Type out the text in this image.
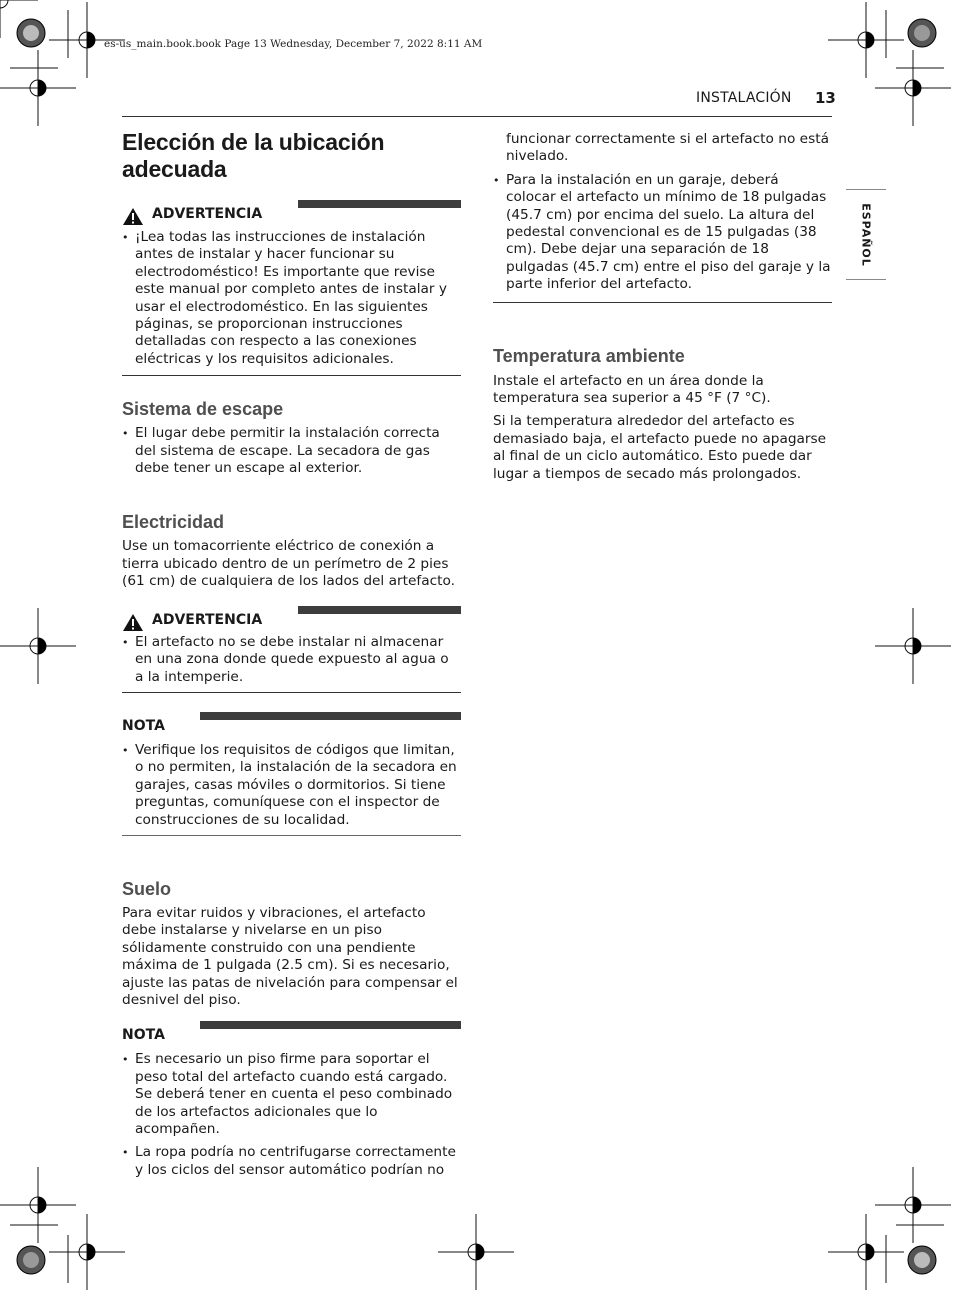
es-us_main.book.book Page 13 Wednesday, December 7, 2022 8:11 AM
INSTALACIÓN 13
ESPAÑOL
Elección de la ubicación adecuada
ADVERTENCIA
• ¡Lea todas las instrucciones de instalación antes de instalar y hacer funcionar su electrodoméstico! Es importante que revise este manual por completo antes de instalar y usar el electrodoméstico. En las siguientes páginas, se proporcionan instrucciones detalladas con respecto a las conexiones eléctricas y los requisitos adicionales.
Sistema de escape
• El lugar debe permitir la instalación correcta del sistema de escape. La secadora de gas debe tener un escape al exterior.
Electricidad

Use un tomacorriente eléctrico de conexión a tierra ubicado dentro de un perímetro de 2 pies (61 cm) de cualquiera de los lados del artefacto.

ADVERTENCIA
• El artefacto no se debe instalar ni almacenar en una zona donde quede expuesto al agua o a la intemperie.
NOTA
• Verifique los requisitos de códigos que limitan, o no permiten, la instalación de la secadora en garajes, casas móviles o dormitorios. Si tiene preguntas, comuníquese con el inspector de construcciones de su localidad.
Suelo

Para evitar ruidos y vibraciones, el artefacto debe instalarse y nivelarse en un piso sólidamente construido con una pendiente máxima de 1 pulgada (2.5 cm). Si es necesario, ajuste las patas de nivelación para compensar el desnivel del piso.

NOTA
• Es necesario un piso firme para soportar el peso total del artefacto cuando está cargado. Se deberá tener en cuenta el peso combinado de los artefactos adicionales que lo acompañen.
• La ropa podría no centrifugarse correctamente y los ciclos del sensor automático podrían no

funcionar correctamente si el artefacto no está nivelado.

• Para la instalación en un garaje, deberá colocar el artefacto un mínimo de 18 pulgadas (45.7 cm) por encima del suelo. La altura del pedestal convencional es de 15 pulgadas (38 cm). Debe dejar una separación de 18 pulgadas (45.7 cm) entre el piso del garaje y la parte inferior del artefacto.
Temperatura ambiente

Instale el artefacto en un área donde la temperatura sea superior a 45 °F (7 °C).

Si la temperatura alrededor del artefacto es demasiado baja, el artefacto puede no apagarse al final de un ciclo automático. Esto puede dar lugar a tiempos de secado más prolongados.
